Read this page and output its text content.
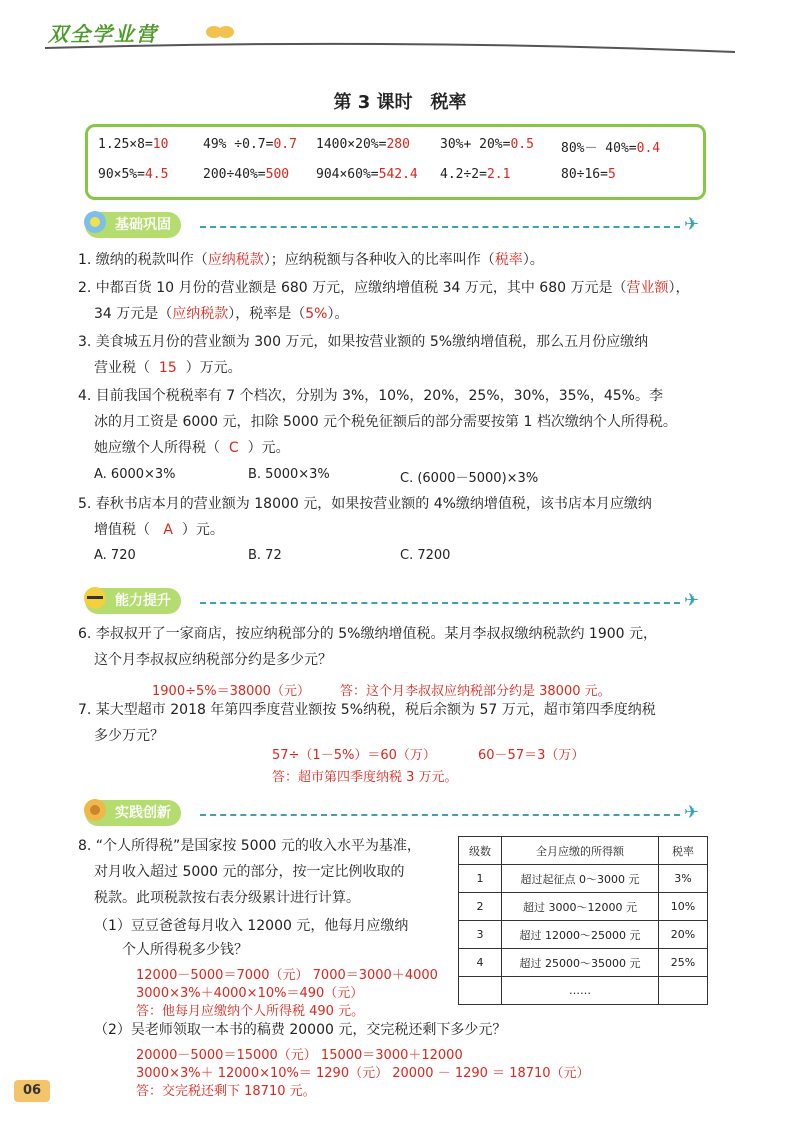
双全学业营
第 3 课时　税率
1.25×8=10	49% ÷0.7=0.7 1400×20%=280 30%+ 20%=0.5 80%－ 40%=0.4
90×5%=4.5	200÷40%=500 904×60%=542.4 4.2÷2=2.1	80÷16=5
基础巩固	✈
1. 缴纳的税款叫作（应纳税款）；应纳税额与各种收入的比率叫作（税率）。
2. 中都百货 10 月份的营业额是 680 万元，应缴纳增值税 34 万元，其中 680 万元是（营业额），
34 万元是（应纳税款），税率是（5%）。
3. 美食城五月份的营业额为 300 万元，如果按营业额的 5%缴纳增值税，那么五月份应缴纳
营业税（ 15 ）万元。
4. 目前我国个税税率有 7 个档次，分别为 3%，10%，20%，25%，30%，35%，45%。李
冰的月工资是 6000 元，扣除 5000 元个税免征额后的部分需要按第 1 档次缴纳个人所得税。
她应缴个人所得税（ C ）元。
A. 6000×3%	B. 5000×3%	C. (6000－5000)×3%
5. 春秋书店本月的营业额为 18000 元，如果按营业额的 4%缴纳增值税，该书店本月应缴纳
增值税（ A ）元。
A. 720	B. 72	C. 7200
能力提升	✈
6. 李叔叔开了一家商店，按应纳税部分的 5%缴纳增值税。某月李叔叔缴纳税款约 1900 元，
这个月李叔叔应纳税部分约是多少元？
1900÷5%＝38000（元） 答：这个月李叔叔应纳税部分约是 38000 元。
7. 某大型超市 2018 年第四季度营业额按 5%纳税，税后余额为 57 万元，超市第四季度纳税
多少万元？
57÷（1－5%）＝60（万）	60－57＝3（万）
答：超市第四季度纳税 3 万元。
实践创新	✈
8. “个人所得税”是国家按 5000 元的收入水平为基准，
对月收入超过 5000 元的部分，按一定比例收取的
税款。此项税款按右表分级累计进行计算。
（1）豆豆爸爸每月收入 12000 元，他每月应缴纳
个人所得税多少钱？
12000－5000＝7000（元） 7000＝3000＋4000
3000×3%＋4000×10%＝490（元）
答：他每月应缴纳个人所得税 490 元。
（2）吴老师领取一本书的稿费 20000 元，交完税还剩下多少元？
20000－5000＝15000（元） 15000＝3000＋12000
3000×3%＋ 12000×10%＝ 1290（元） 20000 － 1290 ＝ 18710（元）
答：交完税还剩下 18710 元。
级数	全月应缴的所得额	税率
1	超过起征点 0～3000 元	3%
2	超过 3000～12000 元	10%
3	超过 12000～25000 元	20%
4	超过 25000～35000 元	25%
	……	
06
